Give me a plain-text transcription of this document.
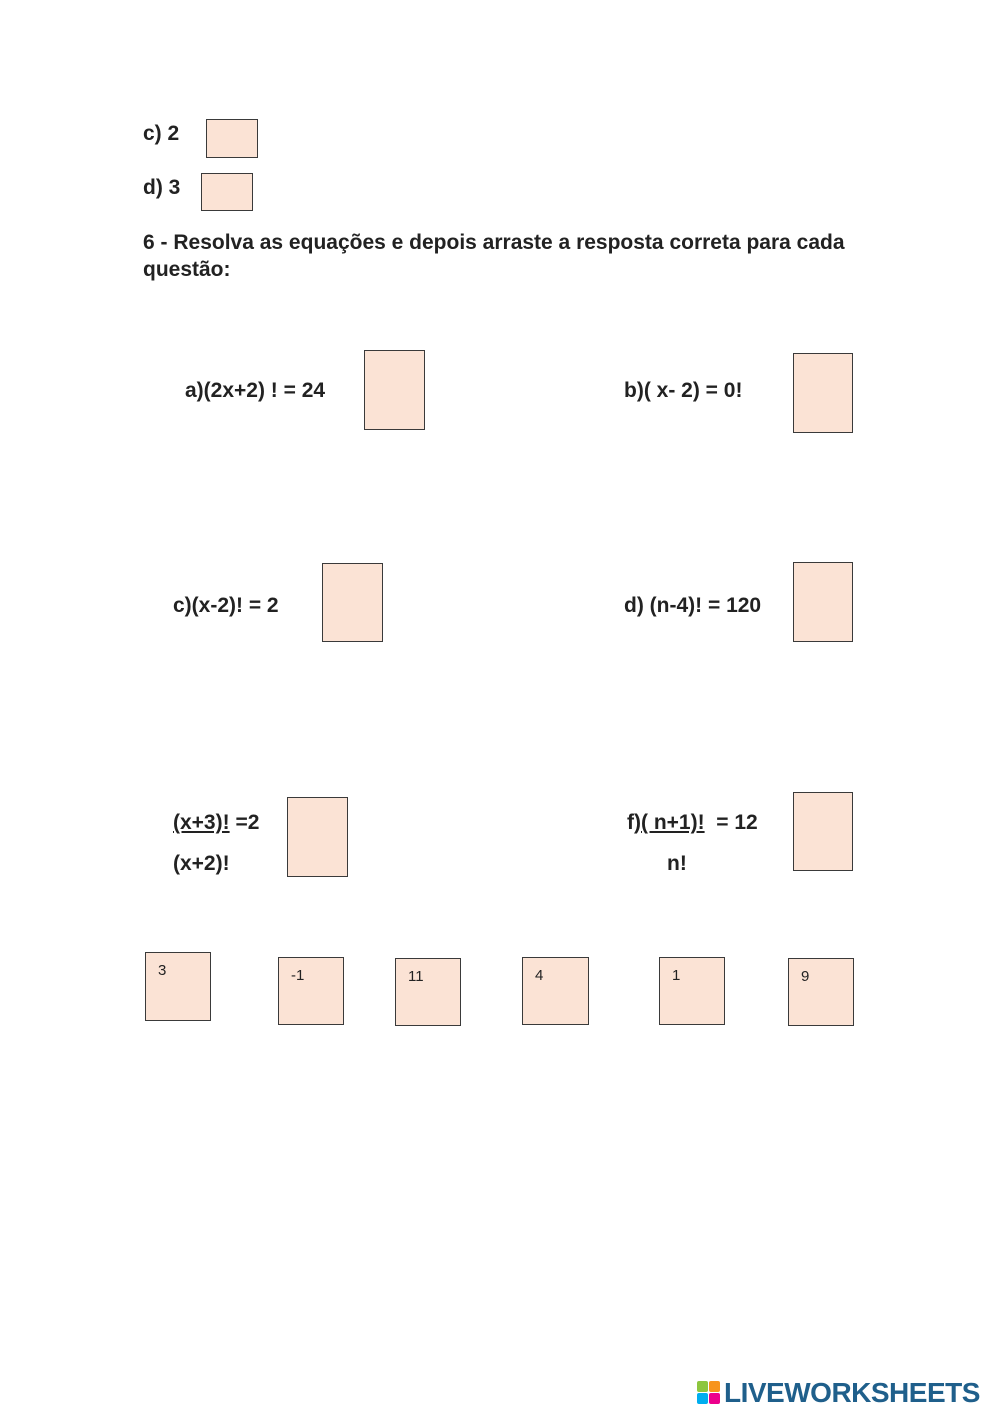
c) 2
d) 3
6 - Resolva as equações e depois arraste a resposta correta para cada questão:
a)(2x+2) ! = 24	b)( x- 2) = 0!
c)(x-2)! = 2	d) (n-4)! = 120
(x+3)! =2
(x+2)!
f)( n+1)!  = 12
n!
3	-1	11	4	1	9
LIVEWORKSHEETS
